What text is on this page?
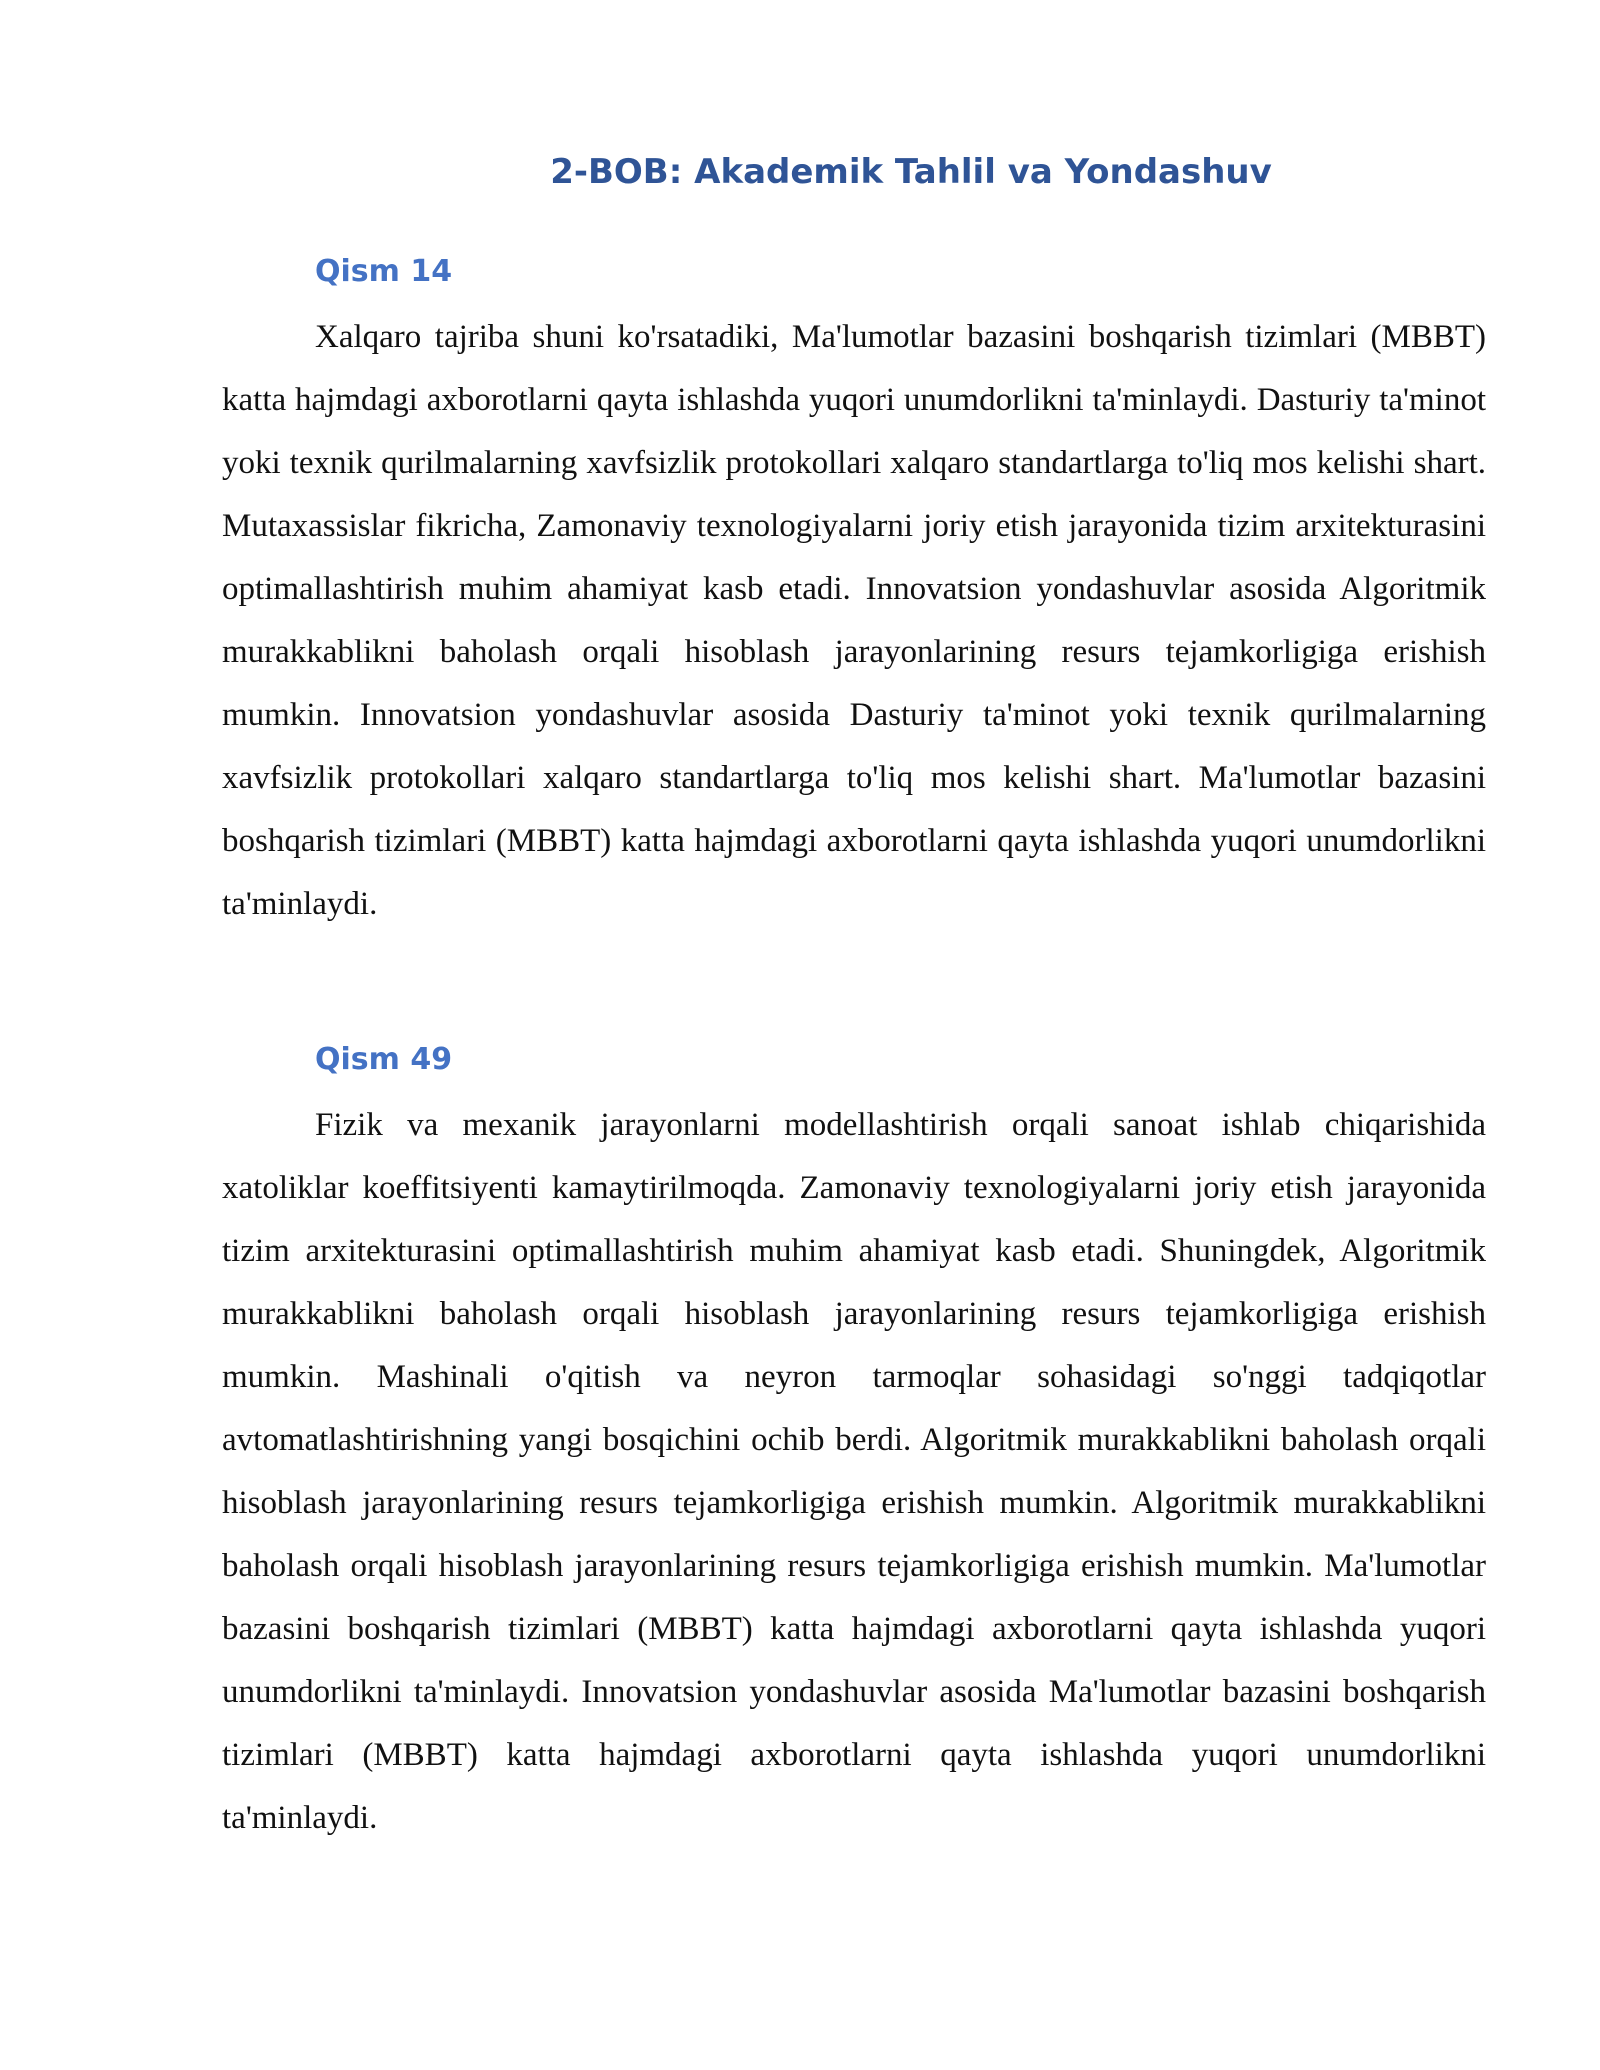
2-BOB: Akademik Tahlil va Yondashuv
Qism 14

Xalqaro tajriba shuni ko'rsatadiki, Ma'lumotlar bazasini boshqarish tizimlari (MBBT) katta hajmdagi axborotlarni qayta ishlashda yuqori unumdorlikni ta'minlaydi. Dasturiy ta'minot yoki texnik qurilmalarning xavfsizlik protokollari xalqaro standartlarga to'liq mos kelishi shart. Mutaxassislar fikricha, Zamonaviy texnologiyalarni joriy etish jarayonida tizim arxitekturasini optimallashtirish muhim ahamiyat kasb etadi. Innovatsion yondashuvlar asosida Algoritmik murakkablikni baholash orqali hisoblash jarayonlarining resurs tejamkorligiga erishish mumkin. Innovatsion yondashuvlar asosida Dasturiy ta'minot yoki texnik qurilmalarning xavfsizlik protokollari xalqaro standartlarga to'liq mos kelishi shart. Ma'lumotlar bazasini boshqarish tizimlari (MBBT) katta hajmdagi axborotlarni qayta ishlashda yuqori unumdorlikni ta'minlaydi.

Qism 49

Fizik va mexanik jarayonlarni modellashtirish orqali sanoat ishlab chiqarishida xatoliklar koeffitsiyenti kamaytirilmoqda. Zamonaviy texnologiyalarni joriy etish jarayonida tizim arxitekturasini optimallashtirish muhim ahamiyat kasb etadi. Shuningdek, Algoritmik murakkablikni baholash orqali hisoblash jarayonlarining resurs tejamkorligiga erishish mumkin. Mashinali o'qitish va neyron tarmoqlar sohasidagi so'nggi tadqiqotlar avtomatlashtirishning yangi bosqichini ochib berdi. Algoritmik murakkablikni baholash orqali hisoblash jarayonlarining resurs tejamkorligiga erishish mumkin. Algoritmik murakkablikni baholash orqali hisoblash jarayonlarining resurs tejamkorligiga erishish mumkin. Ma'lumotlar bazasini boshqarish tizimlari (MBBT) katta hajmdagi axborotlarni qayta ishlashda yuqori unumdorlikni ta'minlaydi. Innovatsion yondashuvlar asosida Ma'lumotlar bazasini boshqarish tizimlari (MBBT) katta hajmdagi axborotlarni qayta ishlashda yuqori unumdorlikni ta'minlaydi.
